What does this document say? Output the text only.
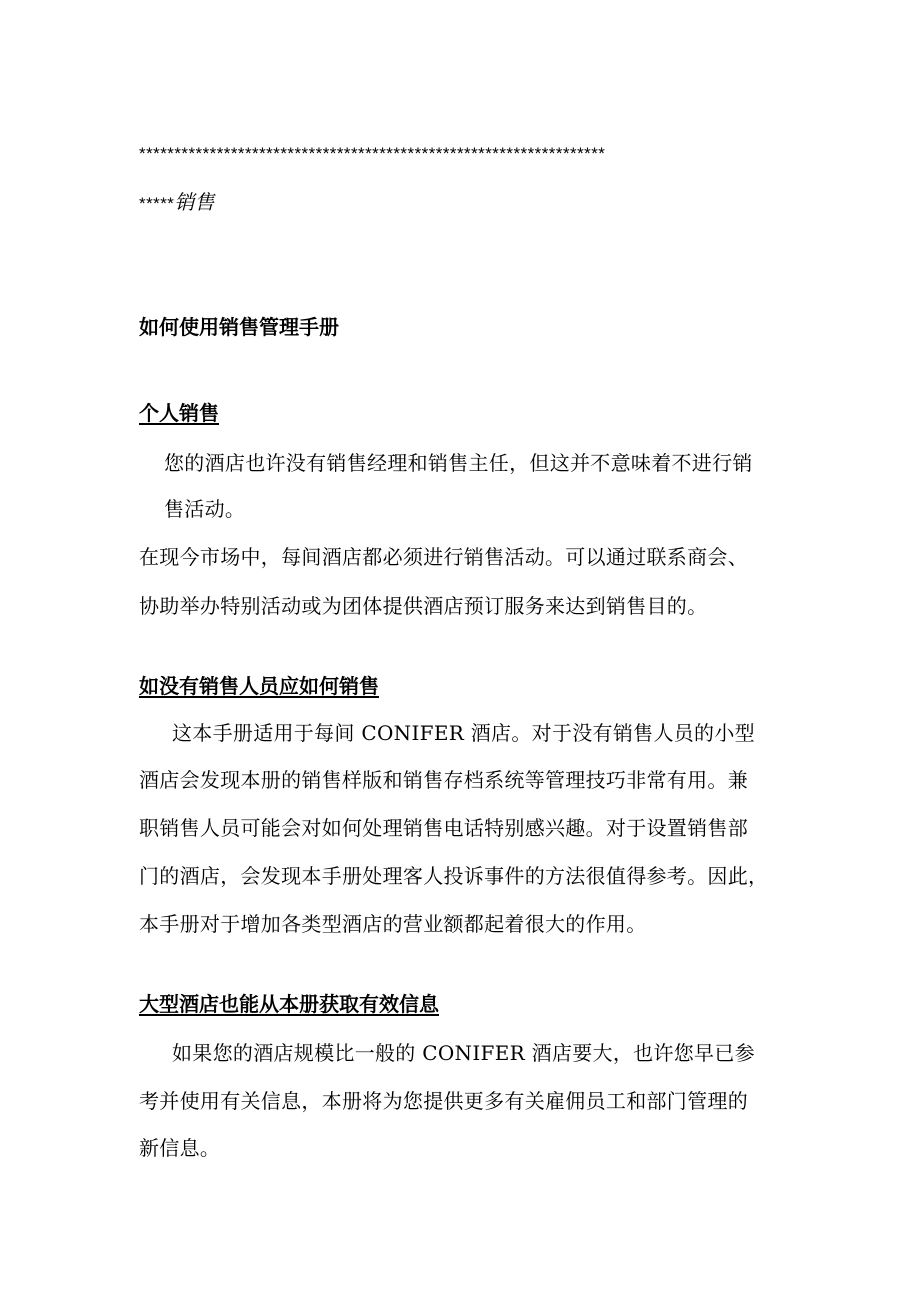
******************************************************************
*****销售
如何使用销售管理手册
个人销售
您的酒店也许没有销售经理和销售主任，但这并不意味着不进行销
售活动。
在现今市场中，每间酒店都必须进行销售活动。可以通过联系商会、
协助举办特别活动或为团体提供酒店预订服务来达到销售目的。
如没有销售人员应如何销售
这本手册适用于每间 CONIFER 酒店。对于没有销售人员的小型
酒店会发现本册的销售样版和销售存档系统等管理技巧非常有用。兼
职销售人员可能会对如何处理销售电话特别感兴趣。对于设置销售部
门的酒店，会发现本手册处理客人投诉事件的方法很值得参考。因此，
本手册对于增加各类型酒店的营业额都起着很大的作用。
大型酒店也能从本册获取有效信息
如果您的酒店规模比一般的 CONIFER 酒店要大，也许您早已参
考并使用有关信息，本册将为您提供更多有关雇佣员工和部门管理的
新信息。
